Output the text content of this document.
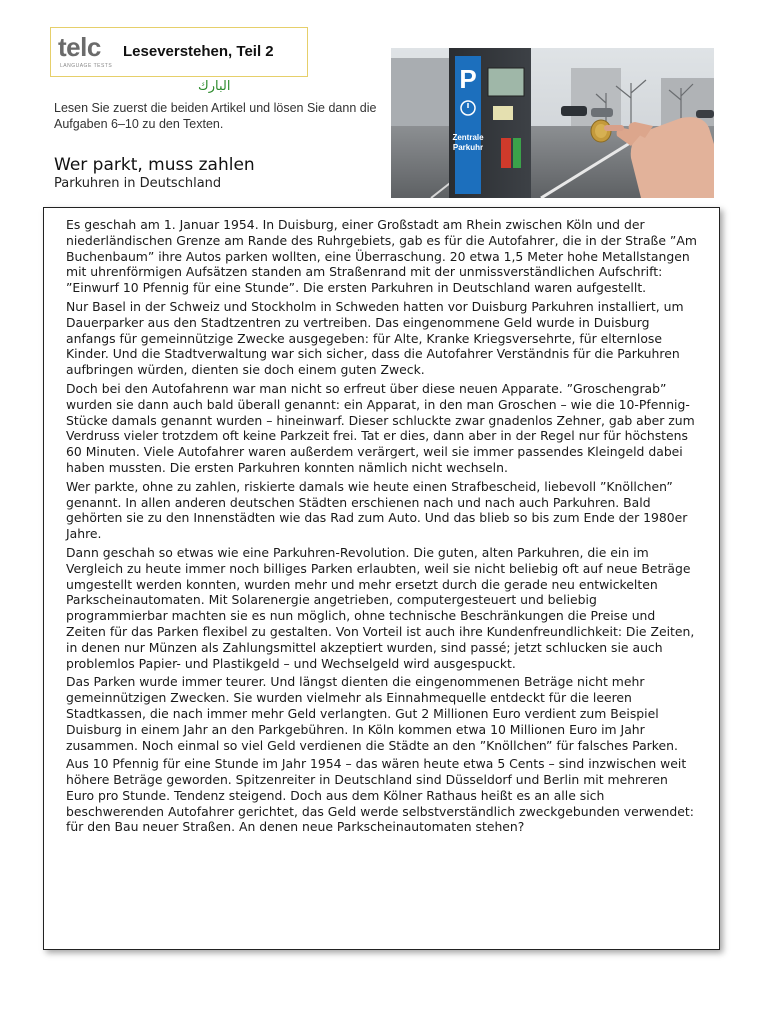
telc
LANGUAGE TESTS
Leseverstehen, Teil 2
البارك
Lesen Sie zuerst die beiden Artikel und lösen Sie dann die Aufgaben 6–10 zu den Texten.
Wer parkt, muss zahlen
Parkuhren in Deutschland
P
Zentrale
Parkuhr

Es geschah am 1. Januar 1954. In Duisburg, einer Großstadt am Rhein zwischen Köln und der niederländischen Grenze am Rande des Ruhrgebiets, gab es für die Autofahrer, die in der Straße ”Am Buchenbaum” ihre Autos parken wollten, eine Überraschung. 20 etwa 1,5 Meter hohe Metallstangen mit uhrenförmigen Aufsätzen standen am Straßenrand mit der unmissverständlichen Aufschrift: ”Einwurf 10 Pfennig für eine Stunde”. Die ersten Parkuhren in Deutschland waren aufgestellt.

Nur Basel in der Schweiz und Stockholm in Schweden hatten vor Duisburg Parkuhren installiert, um Dauerparker aus den Stadtzentren zu vertreiben. Das eingenommene Geld wurde in Duisburg anfangs für gemeinnützige Zwecke ausgegeben: für Alte, Kranke Kriegsversehrte, für elternlose Kinder. Und die Stadtverwaltung war sich sicher, dass die Autofahrer Verständnis für die Parkuhren aufbringen würden, dienten sie doch einem guten Zweck.

Doch bei den Autofahrenn war man nicht so erfreut über diese neuen Apparate. ”Groschengrab” wurden sie dann auch bald überall genannt: ein Apparat, in den man Groschen – wie die 10-Pfennig-Stücke damals genannt wurden – hineinwarf. Dieser schluckte zwar gnadenlos Zehner, gab aber zum Verdruss vieler trotzdem oft keine Parkzeit frei. Tat er dies, dann aber in der Regel nur für höchstens 60 Minuten. Viele Autofahrer waren außerdem verärgert, weil sie immer passendes Kleingeld dabei haben mussten. Die ersten Parkuhren konnten nämlich nicht wechseln.

Wer parkte, ohne zu zahlen, riskierte damals wie heute einen Strafbescheid, liebevoll ”Knöllchen” genannt. In allen anderen deutschen Städten erschienen nach und nach auch Parkuhren. Bald gehörten sie zu den Innenstädten wie das Rad zum Auto. Und das blieb so bis zum Ende der 1980er Jahre.

Dann geschah so etwas wie eine Parkuhren-Revolution. Die guten, alten Parkuhren, die ein im Vergleich zu heute immer noch billiges Parken erlaubten, weil sie nicht beliebig oft auf neue Beträge umgestellt werden konnten, wurden mehr und mehr ersetzt durch die gerade neu entwickelten Parkscheinautomaten. Mit Solarenergie angetrieben, computergesteuert und beliebig programmierbar machten sie es nun möglich, ohne technische Beschränkungen die Preise und Zeiten für das Parken flexibel zu gestalten. Von Vorteil ist auch ihre Kundenfreundlichkeit: Die Zeiten, in denen nur Münzen als Zahlungsmittel akzeptiert wurden, sind passé; jetzt schlucken sie auch problemlos Papier- und Plastikgeld – und Wechselgeld wird ausgespuckt.

Das Parken wurde immer teurer. Und längst dienten die eingenommenen Beträge nicht mehr gemeinnützigen Zwecken. Sie wurden vielmehr als Einnahmequelle entdeckt für die leeren Stadtkassen, die nach immer mehr Geld verlangten. Gut 2 Millionen Euro verdient zum Beispiel Duisburg in einem Jahr an den Parkgebühren. In Köln kommen etwa 10 Millionen Euro im Jahr zusammen. Noch einmal so viel Geld verdienen die Städte an den ”Knöllchen” für falsches Parken.

Aus 10 Pfennig für eine Stunde im Jahr 1954 – das wären heute etwa 5 Cents – sind inzwischen weit höhere Beträge geworden. Spitzenreiter in Deutschland sind Düsseldorf und Berlin mit mehreren Euro pro Stunde. Tendenz steigend. Doch aus dem Kölner Rathaus heißt es an alle sich beschwerenden Autofahrer gerichtet, das Geld werde selbstverständlich zweckgebunden verwendet: für den Bau neuer Straßen. An denen neue Parkscheinautomaten stehen?
